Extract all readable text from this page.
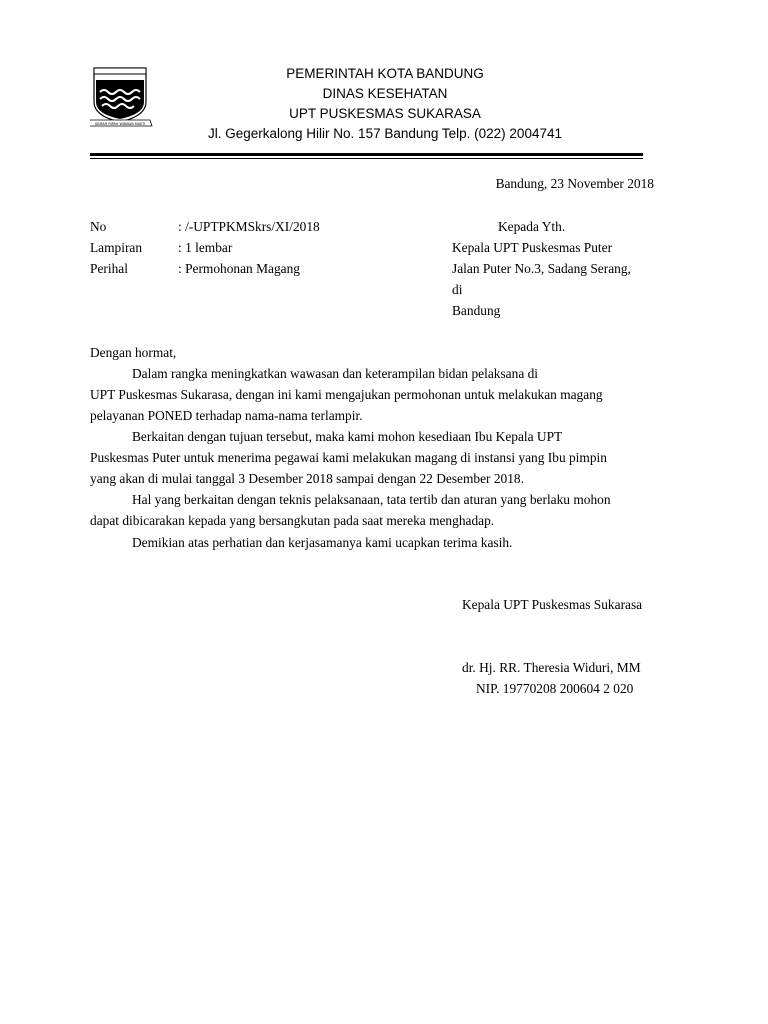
GEMAH RIPAH WIBAWA MUKTI
PEMERINTAH KOTA BANDUNG
DINAS KESEHATAN
UPT PUSKESMAS SUKARASA
Jl. Gegerkalong Hilir No. 157 Bandung Telp. (022) 2004741
Bandung, 23 November 2018
No	: /-UPTPKMSkrs/XI/2018
Lampiran	: 1 lembar
Perihal	: Permohonan Magang
Kepada Yth.
Kepala UPT Puskesmas Puter
Jalan Puter No.3, Sadang Serang,
di
Bandung
Dengan hormat,
Dalam rangka meningkatkan wawasan dan keterampilan bidan pelaksana di
UPT Puskesmas Sukarasa, dengan ini kami mengajukan permohonan untuk melakukan magang
pelayanan PONED terhadap nama-nama terlampir.
Berkaitan dengan tujuan tersebut, maka kami mohon kesediaan Ibu Kepala UPT
Puskesmas Puter untuk menerima pegawai kami melakukan magang di instansi yang Ibu pimpin
yang akan di mulai tanggal 3 Desember 2018 sampai dengan 22 Desember 2018.
Hal yang berkaitan dengan teknis pelaksanaan, tata tertib dan aturan yang berlaku mohon
dapat dibicarakan kepada yang bersangkutan pada saat mereka menghadap.
Demikian atas perhatian dan kerjasamanya kami ucapkan terima kasih.
Kepala UPT Puskesmas Sukarasa
dr. Hj. RR. Theresia Widuri, MM
NIP. 19770208 200604 2 020
